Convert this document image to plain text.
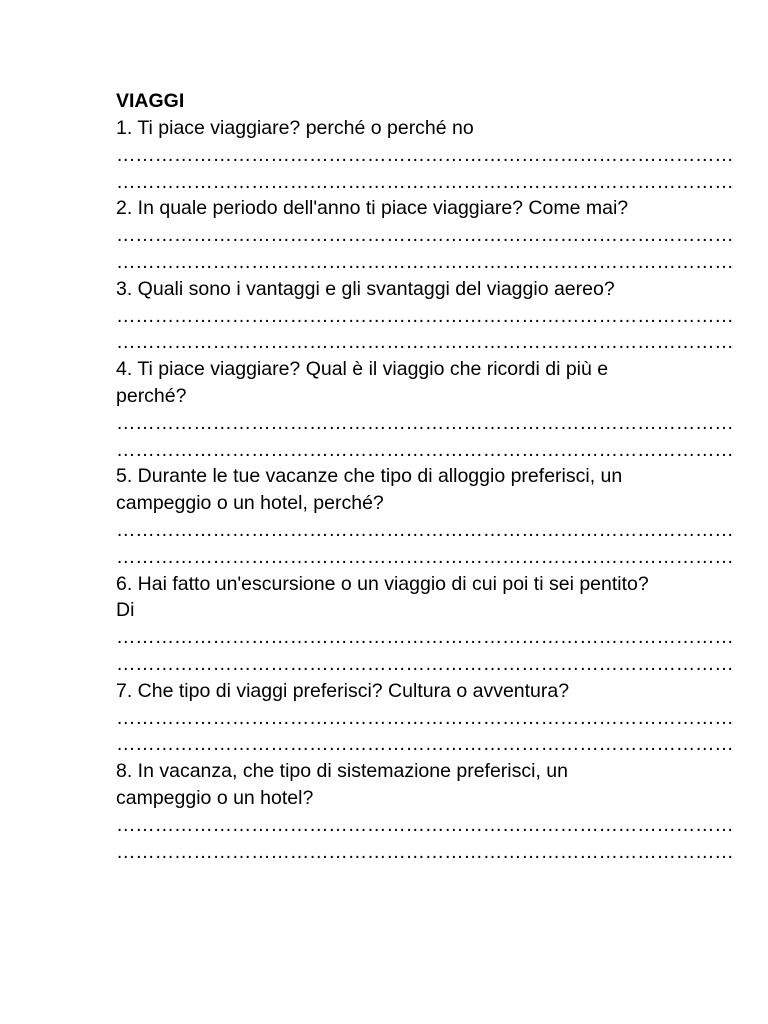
VIAGGI

1. Ti piace viaggiare? perché o perché no

……………………………………………………………………………………

……………………………………………………………………………………

2. In quale periodo dell'anno ti piace viaggiare? Come mai?

……………………………………………………………………………………

……………………………………………………………………………………

3. Quali sono i vantaggi e gli svantaggi del viaggio aereo?

……………………………………………………………………………………

……………………………………………………………………………………

4. Ti piace viaggiare? Qual è il viaggio che ricordi di più e perché?

……………………………………………………………………………………

……………………………………………………………………………………

5. Durante le tue vacanze che tipo di alloggio preferisci, un campeggio o un hotel, perché?

……………………………………………………………………………………

……………………………………………………………………………………

6. Hai fatto un'escursione o un viaggio di cui poi ti sei pentito? Di

……………………………………………………………………………………

……………………………………………………………………………………

7. Che tipo di viaggi preferisci? Cultura o avventura?

……………………………………………………………………………………

……………………………………………………………………………………

8. In vacanza, che tipo di sistemazione preferisci, un campeggio o un hotel?

……………………………………………………………………………………

……………………………………………………………………………………
